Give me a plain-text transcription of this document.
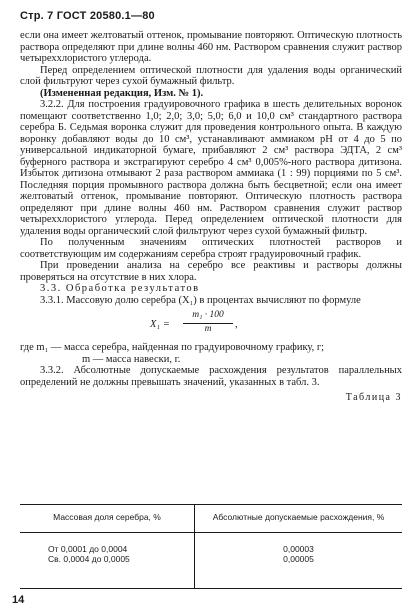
Стр. 7 ГОСТ 20580.1—80

если она имеет желтоватый оттенок, промывание повторяют. Оптическую плотность раствора определяют при длине волны 460 нм. Раствором сравнения служит раствор четыреххлористого углерода.

Перед определением оптической плотности для удаления воды органический слой фильтруют через сухой бумажный фильтр.

(Измененная редакция, Изм. № 1).

3.2.2. Для построения градуировочного графика в шесть делительных воронок помещают соответственно 1,0; 2,0; 3,0; 5,0; 6,0 и 10,0 см³ стандартного раствора серебра Б. Седьмая воронка служит для проведения контрольного опыта. В каждую воронку добавляют воды до 10 см³, устанавливают аммиаком pH от 4 до 5 по универсальной индикаторной бумаге, прибавляют 2 см³ раствора ЭДТА, 2 см³ буферного раствора и экстрагируют серебро 4 см³ 0,005%-ного раствора дитизона. Избыток дитизона отмывают 2 раза раствором аммиака (1 : 99) порциями по 5 см³. Последняя порция промывного раствора должна быть бесцветной; если она имеет желтоватый оттенок, промывание повторяют. Оптическую плотность раствора определяют при длине волны 460 нм. Раствором сравнения служит раствор четыреххлористого углерода. Перед определением оптической плотности для удаления воды органический слой фильтруют через сухой бумажный фильтр.

По полученным значениям оптических плотностей растворов и соответствующим им содержаниям серебра строят градуировочный график.

При проведении анализа на серебро все реактивы и растворы должны проверяться на отсутствие в них хлора.

3.3. Обработка результатов

3.3.1. Массовую долю серебра (X₁) в процентах вычисляют по формуле

$X_1 = \frac{\text{m₁ · 100}}{m}$ ,

где m₁ — масса серебра, найденная по градуировочному графику, г;

m — масса навески, г.

3.3.2. Абсолютные допускаемые расхождения результатов параллельных определений не должны превышать значений, указанных в табл. 3.

Таблица 3
Массовая доля серебра, %	Абсолютные допускаемые расхождения, %
От 0,0001 до 0,0004
Св. 0,0004 до 0,0005
0,00003
0,00005
14
